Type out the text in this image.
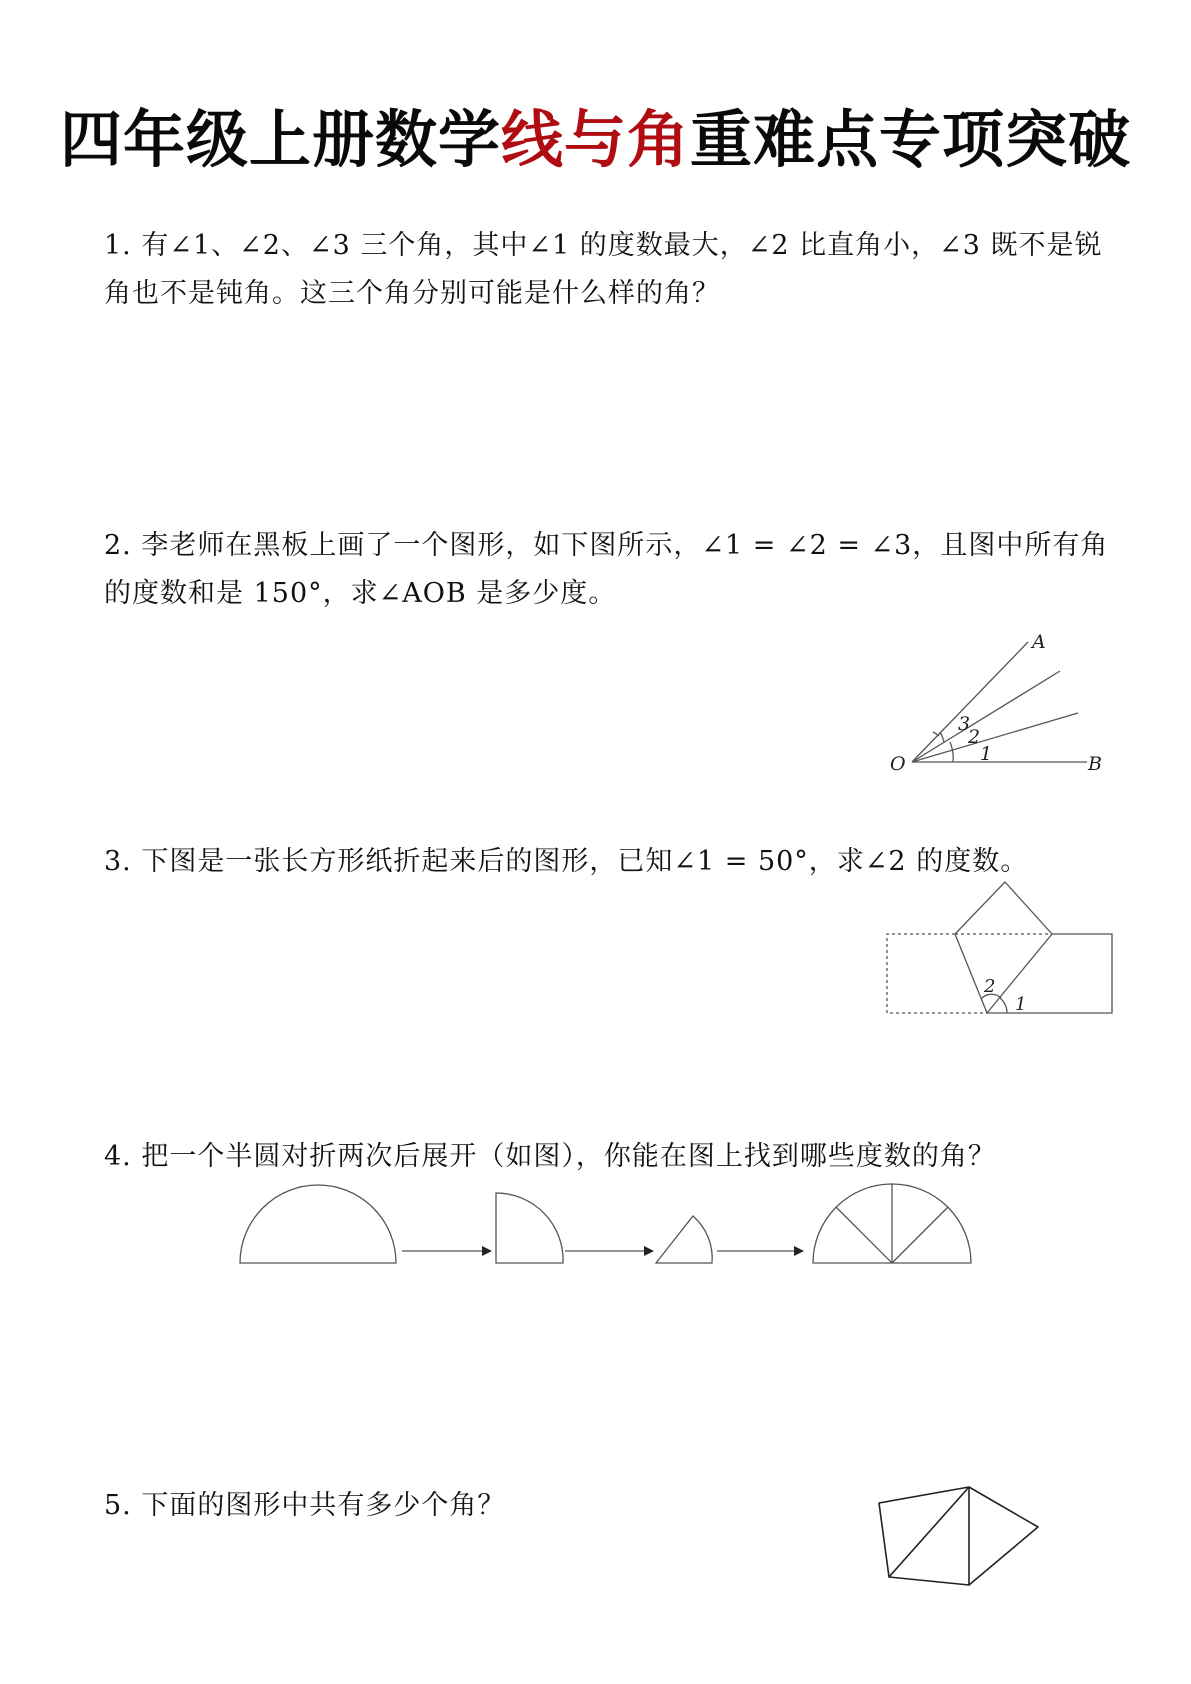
四年级上册数学线与角重难点专项突破
1. 有∠1、∠2、∠3 三个角，其中∠1 的度数最大，∠2 比直角小，∠3 既不是锐角也不是钝角。这三个角分别可能是什么样的角？
2. 李老师在黑板上画了一个图形，如下图所示，∠1 = ∠2 = ∠3，且图中所有角的度数和是 150°，求∠AOB 是多少度。
A
O	B
1
2
3
3. 下图是一张长方形纸折起来后的图形，已知∠1 = 50°，求∠2 的度数。
1
2
4. 把一个半圆对折两次后展开（如图），你能在图上找到哪些度数的角？
5. 下面的图形中共有多少个角？
